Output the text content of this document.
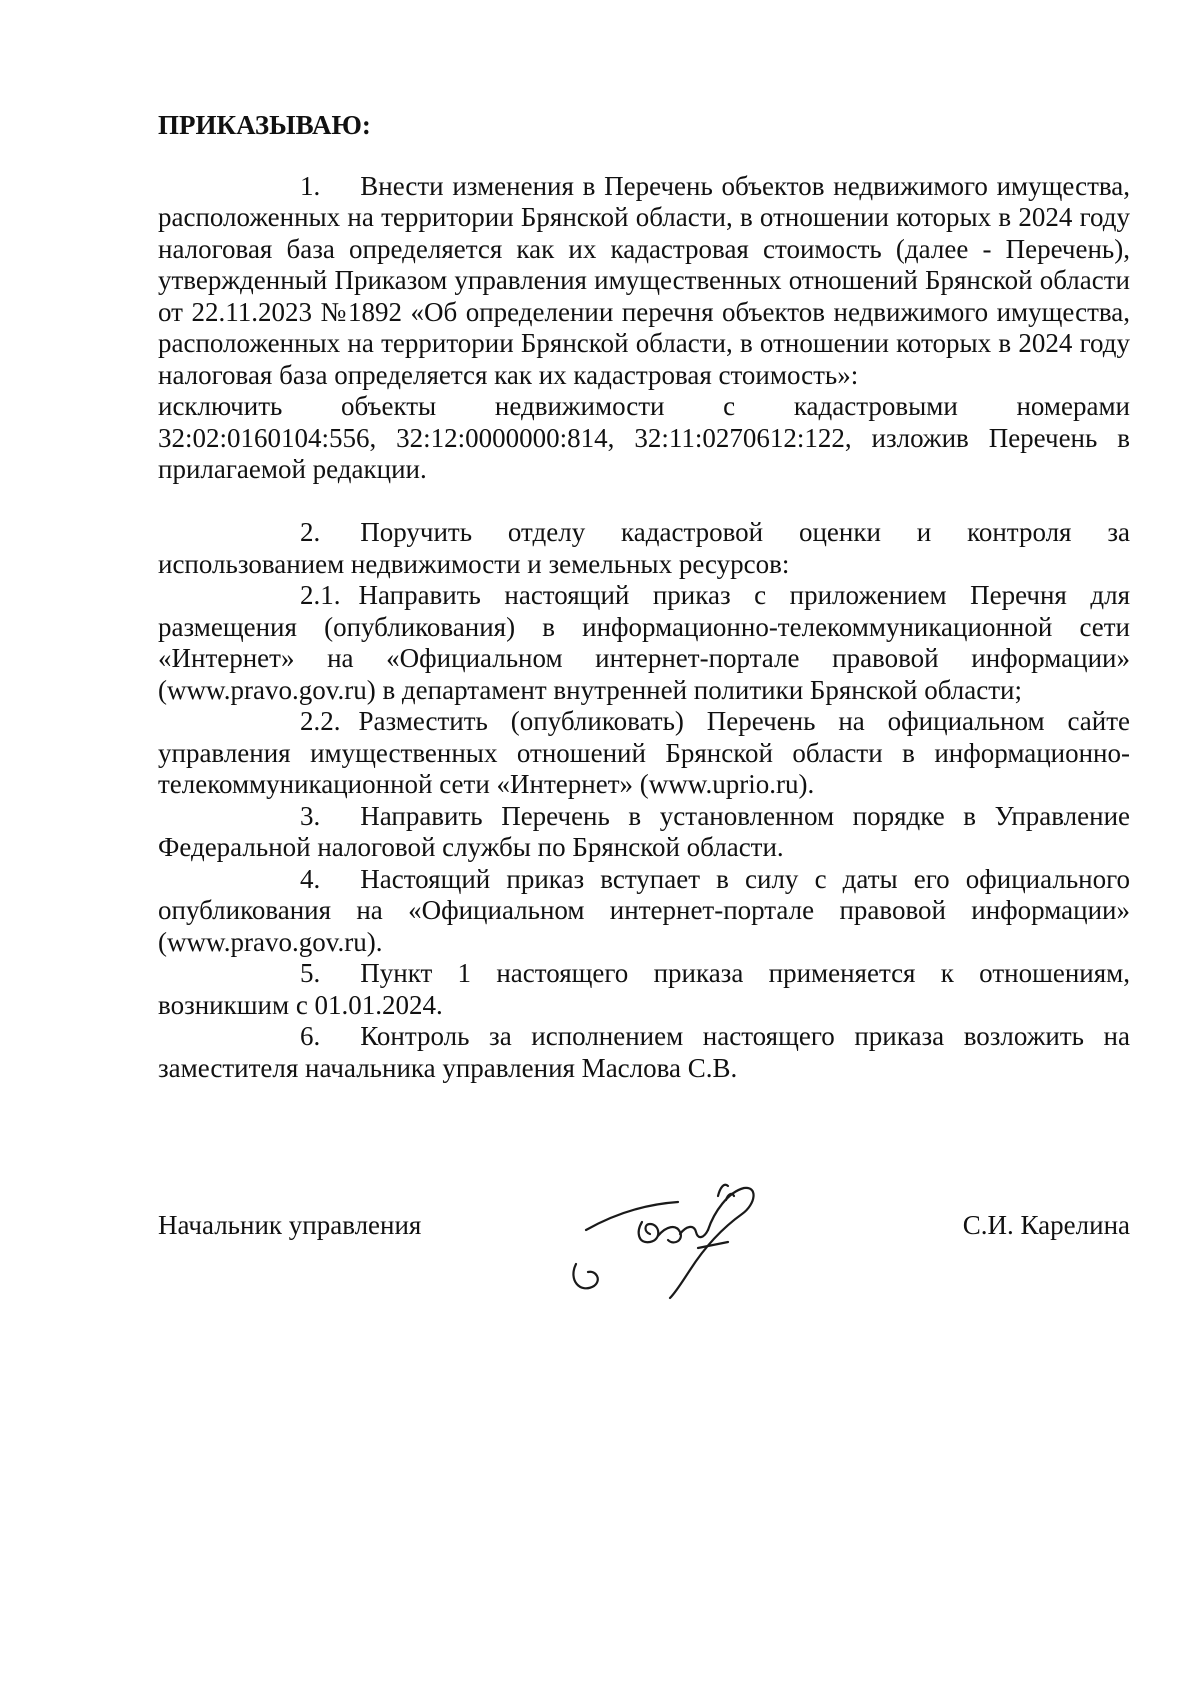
ПРИКАЗЫВАЮ:

1. Внести изменения в Перечень объектов недвижимого имущества, расположенных на территории Брянской области, в отношении которых в 2024 году налоговая база определяется как их кадастровая стоимость (далее - Перечень), утвержденный Приказом управления имущественных отношений Брянской области от 22.11.2023 №1892 «Об определении перечня объектов недвижимого имущества, расположенных на территории Брянской области, в отношении которых в 2024 году налоговая база определяется как их кадастровая стоимость»:

исключить объекты недвижимости с кадастровыми номерами

32:02:0160104:556, 32:12:0000000:814, 32:11:0270612:122, изложив Перечень в прилагаемой редакции.

2. Поручить отделу кадастровой оценки и контроля за использованием недвижимости и земельных ресурсов:

2.1. Направить настоящий приказ с приложением Перечня для размещения (опубликования) в информационно-телекоммуникационной сети «Интернет» на «Официальном интернет-портале правовой информации» (www.pravo.gov.ru) в департамент внутренней политики Брянской области;

2.2. Разместить (опубликовать) Перечень на официальном сайте управления имущественных отношений Брянской области в информационно-телекоммуникационной сети «Интернет» (www.uprio.ru).

3. Направить Перечень в установленном порядке в Управление Федеральной налоговой службы по Брянской области.

4. Настоящий приказ вступает в силу с даты его официального опубликования на «Официальном интернет-портале правовой информации» (www.pravo.gov.ru).

5. Пункт 1 настоящего приказа применяется к отношениям, возникшим с 01.01.2024.

6. Контроль за исполнением настоящего приказа возложить на заместителя начальника управления Маслова С.В.

Начальник управления	С.И. Карелина
